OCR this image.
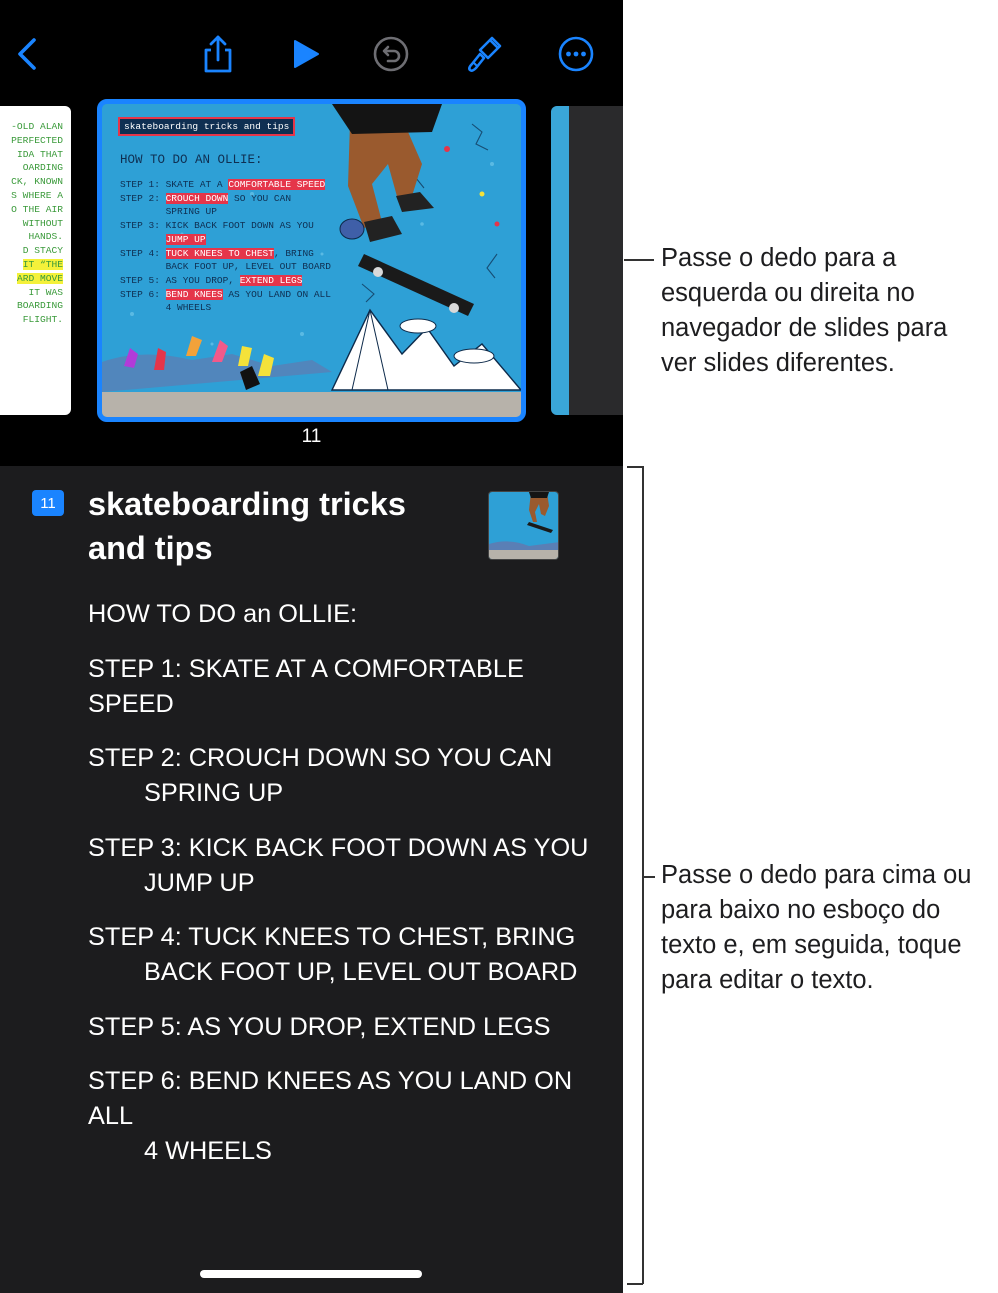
-OLD ALAN
PERFECTED
IDA THAT
OARDING
CK, KNOWN
S WHERE A
O THE AIR
WITHOUT
HANDS.
D STACY
IT “THE
ARD MOVE
IT WAS
BOARDING
FLIGHT.
skateboarding tricks and tips
HOW TO DO AN OLLIE:
STEP 1: SKATE AT A COMFORTABLE SPEED
STEP 2: CROUCH DOWN SO YOU CAN
SPRING UP
STEP 3: KICK BACK FOOT DOWN AS YOU
JUMP UP
STEP 4: TUCK KNEES TO CHEST, BRING
BACK FOOT UP, LEVEL OUT BOARD
STEP 5: AS YOU DROP, EXTEND LEGS
STEP 6: BEND KNEES AS YOU LAND ON ALL
4 WHEELS
11
11 skateboarding tricks and tips
HOW TO DO an OLLIE:
STEP 1: SKATE AT A COMFORTABLE SPEED
STEP 2: CROUCH DOWN SO YOU CAN
SPRING UP
STEP 3: KICK BACK FOOT DOWN AS YOU
JUMP UP
STEP 4: TUCK KNEES TO CHEST, BRING
BACK FOOT UP, LEVEL OUT BOARD
STEP 5: AS YOU DROP, EXTEND LEGS
STEP 6: BEND KNEES AS YOU LAND ON ALL
4 WHEELS
Passe o dedo para a esquerda ou direita no navegador de slides para ver slides diferentes.
Passe o dedo para cima ou para baixo no esboço do texto e, em seguida, toque para editar o texto.
